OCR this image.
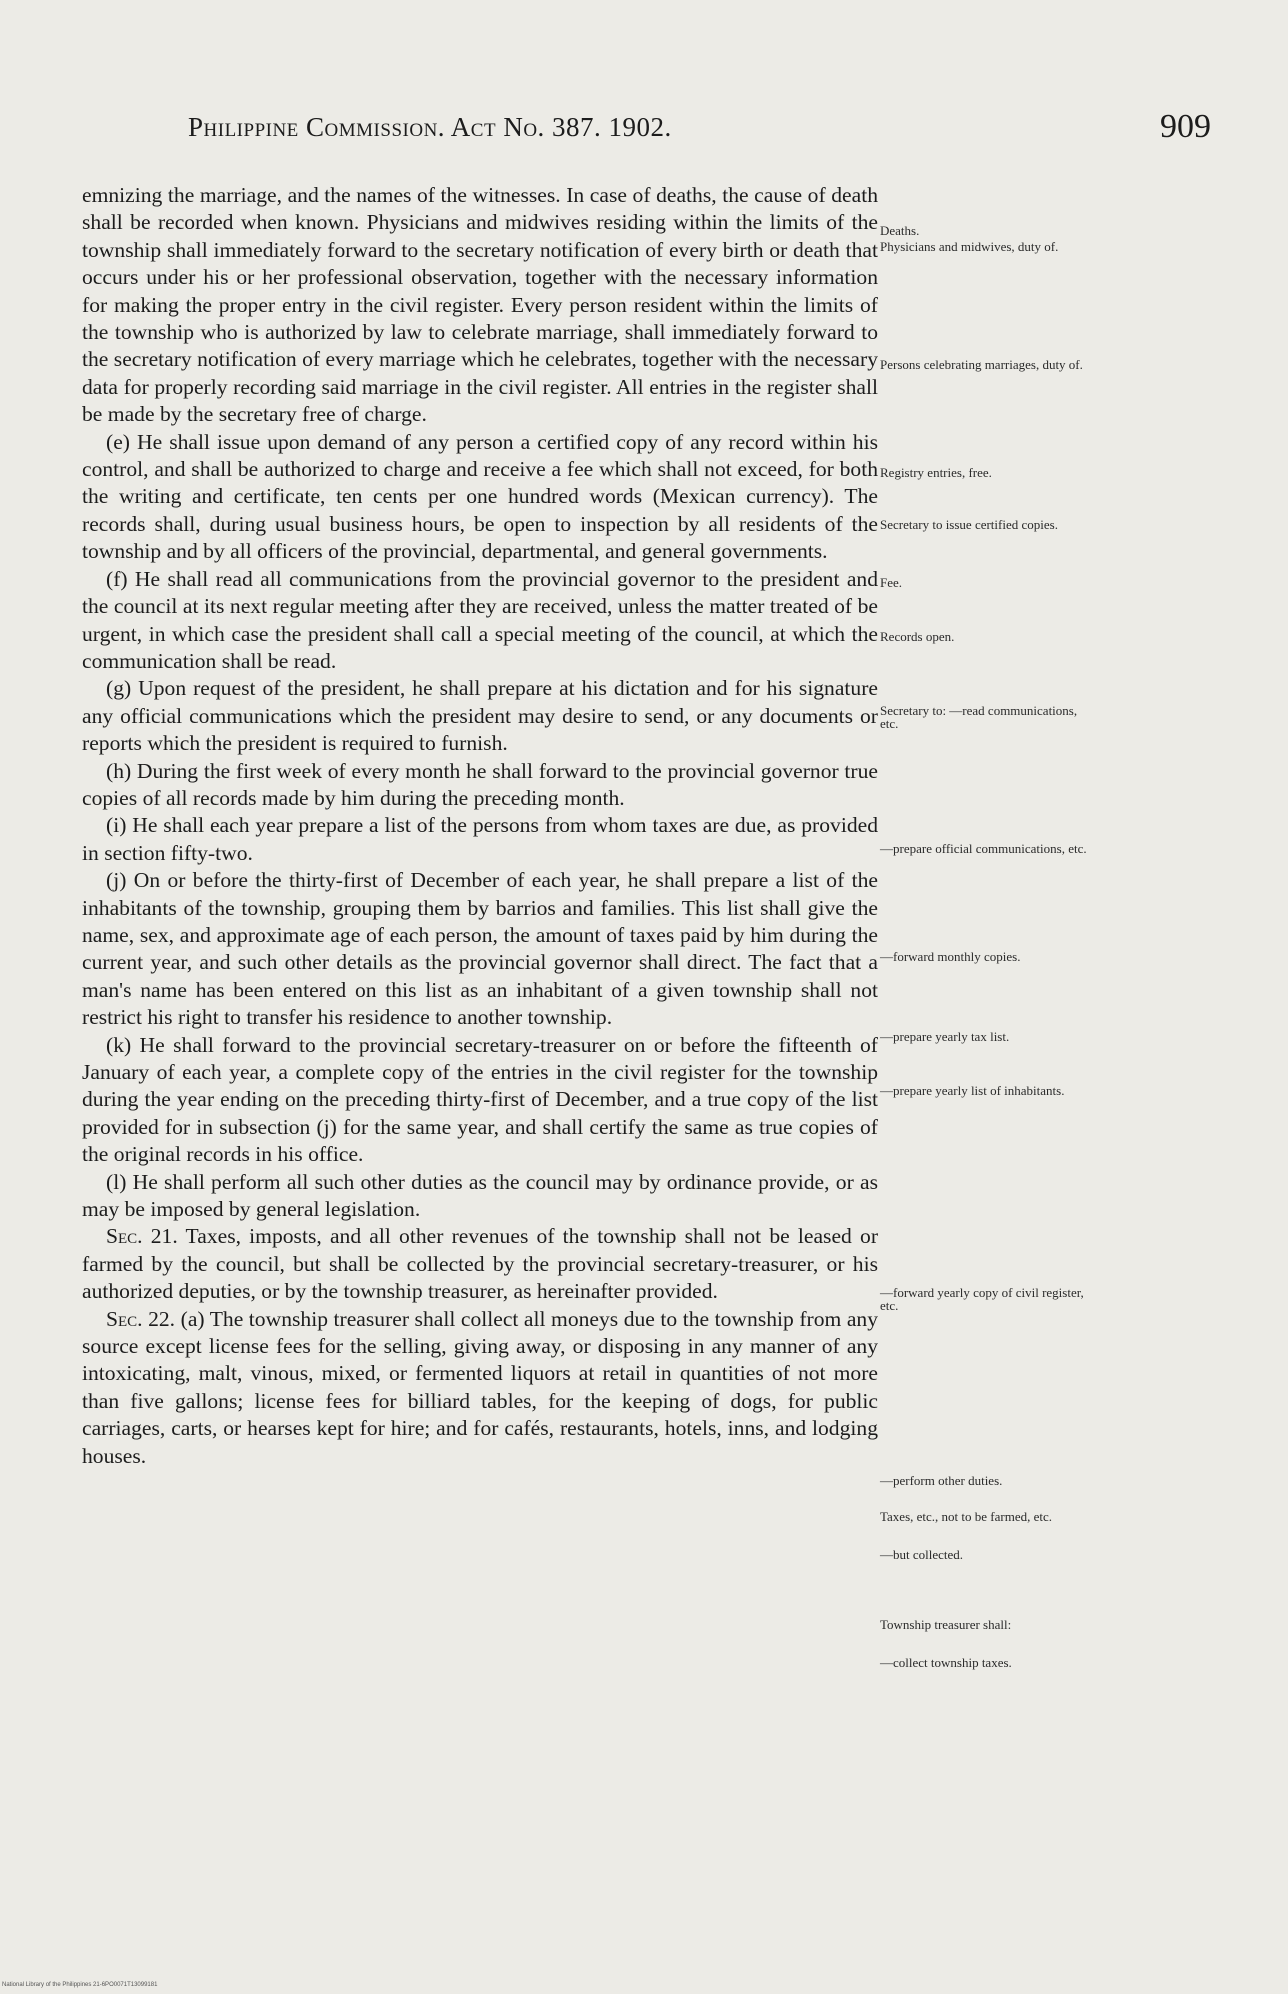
Philippine Commission. Act No. 387. 1902.	909

emnizing the marriage, and the names of the witnesses. In case of deaths, the cause of death shall be recorded when known. Physicians and midwives residing within the limits of the township shall immediately forward to the secretary notification of every birth or death that occurs under his or her professional observation, together with the necessary information for making the proper entry in the civil register. Every person resident within the limits of the township who is authorized by law to celebrate marriage, shall immediately forward to the secretary notification of every marriage which he celebrates, together with the necessary data for properly recording said marriage in the civil register. All entries in the register shall be made by the secretary free of charge.

(e) He shall issue upon demand of any person a certified copy of any record within his control, and shall be authorized to charge and receive a fee which shall not exceed, for both the writing and certificate, ten cents per one hundred words (Mexican currency). The records shall, during usual business hours, be open to inspection by all residents of the township and by all officers of the provincial, departmental, and general governments.

(f) He shall read all communications from the provincial governor to the president and the council at its next regular meeting after they are received, unless the matter treated of be urgent, in which case the president shall call a special meeting of the council, at which the communication shall be read.

(g) Upon request of the president, he shall prepare at his dictation and for his signature any official communications which the president may desire to send, or any documents or reports which the president is required to furnish.

(h) During the first week of every month he shall forward to the provincial governor true copies of all records made by him during the preceding month.

(i) He shall each year prepare a list of the persons from whom taxes are due, as provided in section fifty-two.

(j) On or before the thirty-first of December of each year, he shall prepare a list of the inhabitants of the township, grouping them by barrios and families. This list shall give the name, sex, and approximate age of each person, the amount of taxes paid by him during the current year, and such other details as the provincial governor shall direct. The fact that a man's name has been entered on this list as an inhabitant of a given township shall not restrict his right to transfer his residence to another township.

(k) He shall forward to the provincial secretary-treasurer on or before the fifteenth of January of each year, a complete copy of the entries in the civil register for the township during the year ending on the preceding thirty-first of December, and a true copy of the list provided for in subsection (j) for the same year, and shall certify the same as true copies of the original records in his office.

(l) He shall perform all such other duties as the council may by ordinance provide, or as may be imposed by general legislation.

Sec. 21. Taxes, imposts, and all other revenues of the township shall not be leased or farmed by the council, but shall be collected by the provincial secretary-treasurer, or his authorized deputies, or by the township treasurer, as hereinafter provided.

Sec. 22. (a) The township treasurer shall collect all moneys due to the township from any source except license fees for the selling, giving away, or disposing in any manner of any intoxicating, malt, vinous, mixed, or fermented liquors at retail in quantities of not more than five gallons; license fees for billiard tables, for the keeping of dogs, for public carriages, carts, or hearses kept for hire; and for cafés, restaurants, hotels, inns, and lodging houses.

Deaths.
Physicians and midwives, duty of.
Persons celebrating marriages, duty of.
Registry entries, free.
Secretary to issue certified copies.
Fee.
Records open.
Secretary to: —read communications, etc.
—prepare official communications, etc.
—forward monthly copies.
—prepare yearly tax list.
—prepare yearly list of inhabitants.
—forward yearly copy of civil register, etc.
—perform other duties.
Taxes, etc., not to be farmed, etc.
—but collected.
Township treasurer shall:
—collect township taxes.
National Library of the Philippines 21-6PO0071T13099181
